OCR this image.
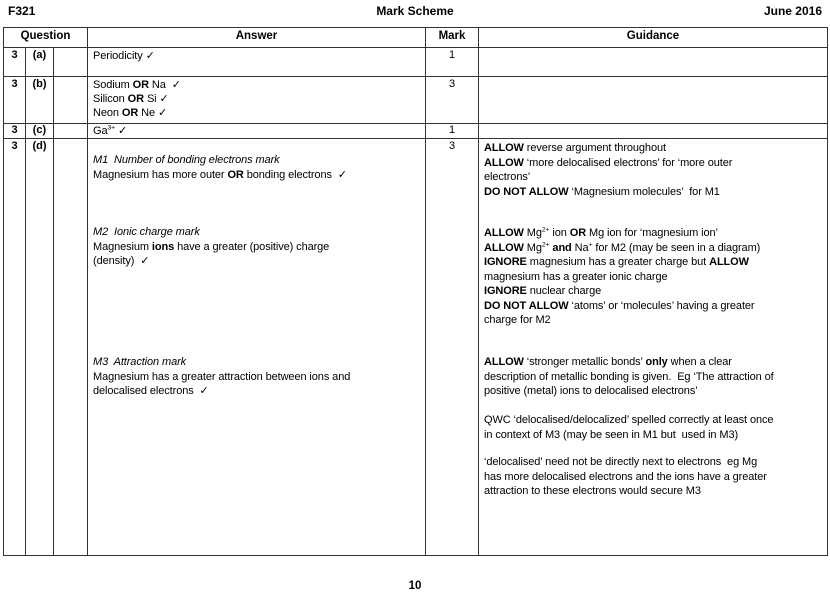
F321	Mark Scheme	June 2016
Question			Answer	Mark	Guidance
3	(a)		Periodicity ✓	1	
3	(b)		Sodium OR Na  ✓
Silicon OR Si ✓
Neon OR Ne ✓	3	
3	(c)		$Ga^{3+}$ ✓	1	
3	(d)		
M1  Number of bonding electrons mark
Magnesium has more outer OR bonding electrons  ✓
M2  Ionic charge mark
Magnesium ions have a greater (positive) charge
(density)  ✓
M3  Attraction mark
Magnesium has a greater attraction between ions and
delocalised electrons  ✓
	3	ALLOW reverse argument throughout
ALLOW ‘more delocalised electrons’ for ‘more outer
electrons’
DO NOT ALLOW ‘Magnesium molecules’  for M1
ALLOW $Mg^{2+}$ ion OR Mg ion for ‘magnesium ion’
ALLOW $Mg^{2+}$ and Na+ for M2 (may be seen in a diagram)
IGNORE magnesium has a greater charge but ALLOW
magnesium has a greater ionic charge
IGNORE nuclear charge
DO NOT ALLOW ‘atoms’ or ‘molecules’ having a greater
charge for M2
ALLOW ‘stronger metallic bonds’ only when a clear
description of metallic bonding is given.  Eg ‘The attraction of
positive (metal) ions to delocalised electrons’
QWC ‘delocalised/delocalized’ spelled correctly at least once
in context of M3 (may be seen in M1 but  used in M3)
‘delocalised’ need not be directly next to electrons  eg Mg
has more delocalised electrons and the ions have a greater
attraction to these electrons would secure M3
10
